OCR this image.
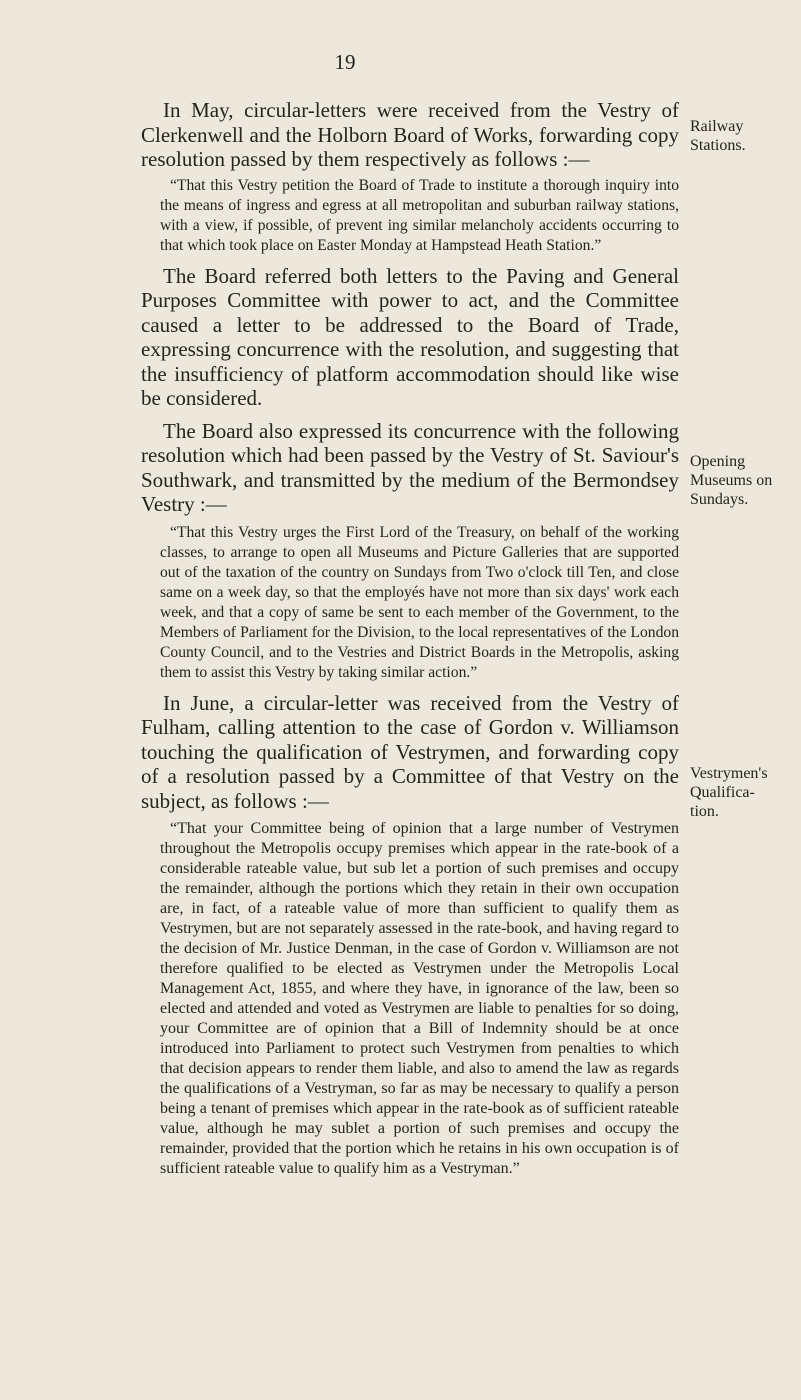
19

In May, circular-letters were received from the Vestry of Clerkenwell and the Holborn Board of Works, forwarding copy resolution passed by them respectively as follows :—

“That this Vestry petition the Board of Trade to institute a thorough inquiry into the means of ingress and egress at all metropolitan and suburban railway stations, with a view, if possible, of prevent ing similar melancholy accidents occurring to that which took place on Easter Monday at Hampstead Heath Station.”

The Board referred both letters to the Paving and General Purposes Committee with power to act, and the Committee caused a letter to be addressed to the Board of Trade, expressing concurrence with the resolution, and suggesting that the insufficiency of platform accommodation should like wise be considered.

The Board also expressed its concurrence with the following resolution which had been passed by the Vestry of St. Saviour's Southwark, and transmitted by the medium of the Bermondsey Vestry :—

“That this Vestry urges the First Lord of the Treasury, on behalf of the working classes, to arrange to open all Museums and Picture Galleries that are supported out of the taxation of the country on Sundays from Two o'clock till Ten, and close same on a week day, so that the employés have not more than six days' work each week, and that a copy of same be sent to each member of the Government, to the Members of Parliament for the Division, to the local representatives of the London County Council, and to the Vestries and District Boards in the Metropolis, asking them to assist this Vestry by taking similar action.”

In June, a circular-letter was received from the Vestry of Fulham, calling attention to the case of Gordon v. Williamson touching the qualification of Vestrymen, and forwarding copy of a resolution passed by a Committee of that Vestry on the subject, as follows :—

“That your Committee being of opinion that a large number of Vestrymen throughout the Metropolis occupy premises which appear in the rate-book of a considerable rateable value, but sub let a portion of such premises and occupy the remainder, although the portions which they retain in their own occupation are, in fact, of a rateable value of more than sufficient to qualify them as Vestrymen, but are not separately assessed in the rate-book, and having regard to the decision of Mr. Justice Denman, in the case of Gordon v. Williamson are not therefore qualified to be elected as Vestrymen under the Metropolis Local Management Act, 1855, and where they have, in ignorance of the law, been so elected and attended and voted as Vestrymen are liable to penalties for so doing, your Committee are of opinion that a Bill of Indemnity should be at once introduced into Parliament to protect such Vestrymen from penalties to which that decision appears to render them liable, and also to amend the law as regards the qualifications of a Vestryman, so far as may be necessary to qualify a person being a tenant of premises which appear in the rate-book as of sufficient rateable value, although he may sublet a portion of such premises and occupy the remainder, provided that the portion which he retains in his own occupation is of sufficient rateable value to qualify him as a Vestryman.”

Railway
Stations.
Opening
Museums on
Sundays.
Vestrymen's
Qualifica-
tion.
